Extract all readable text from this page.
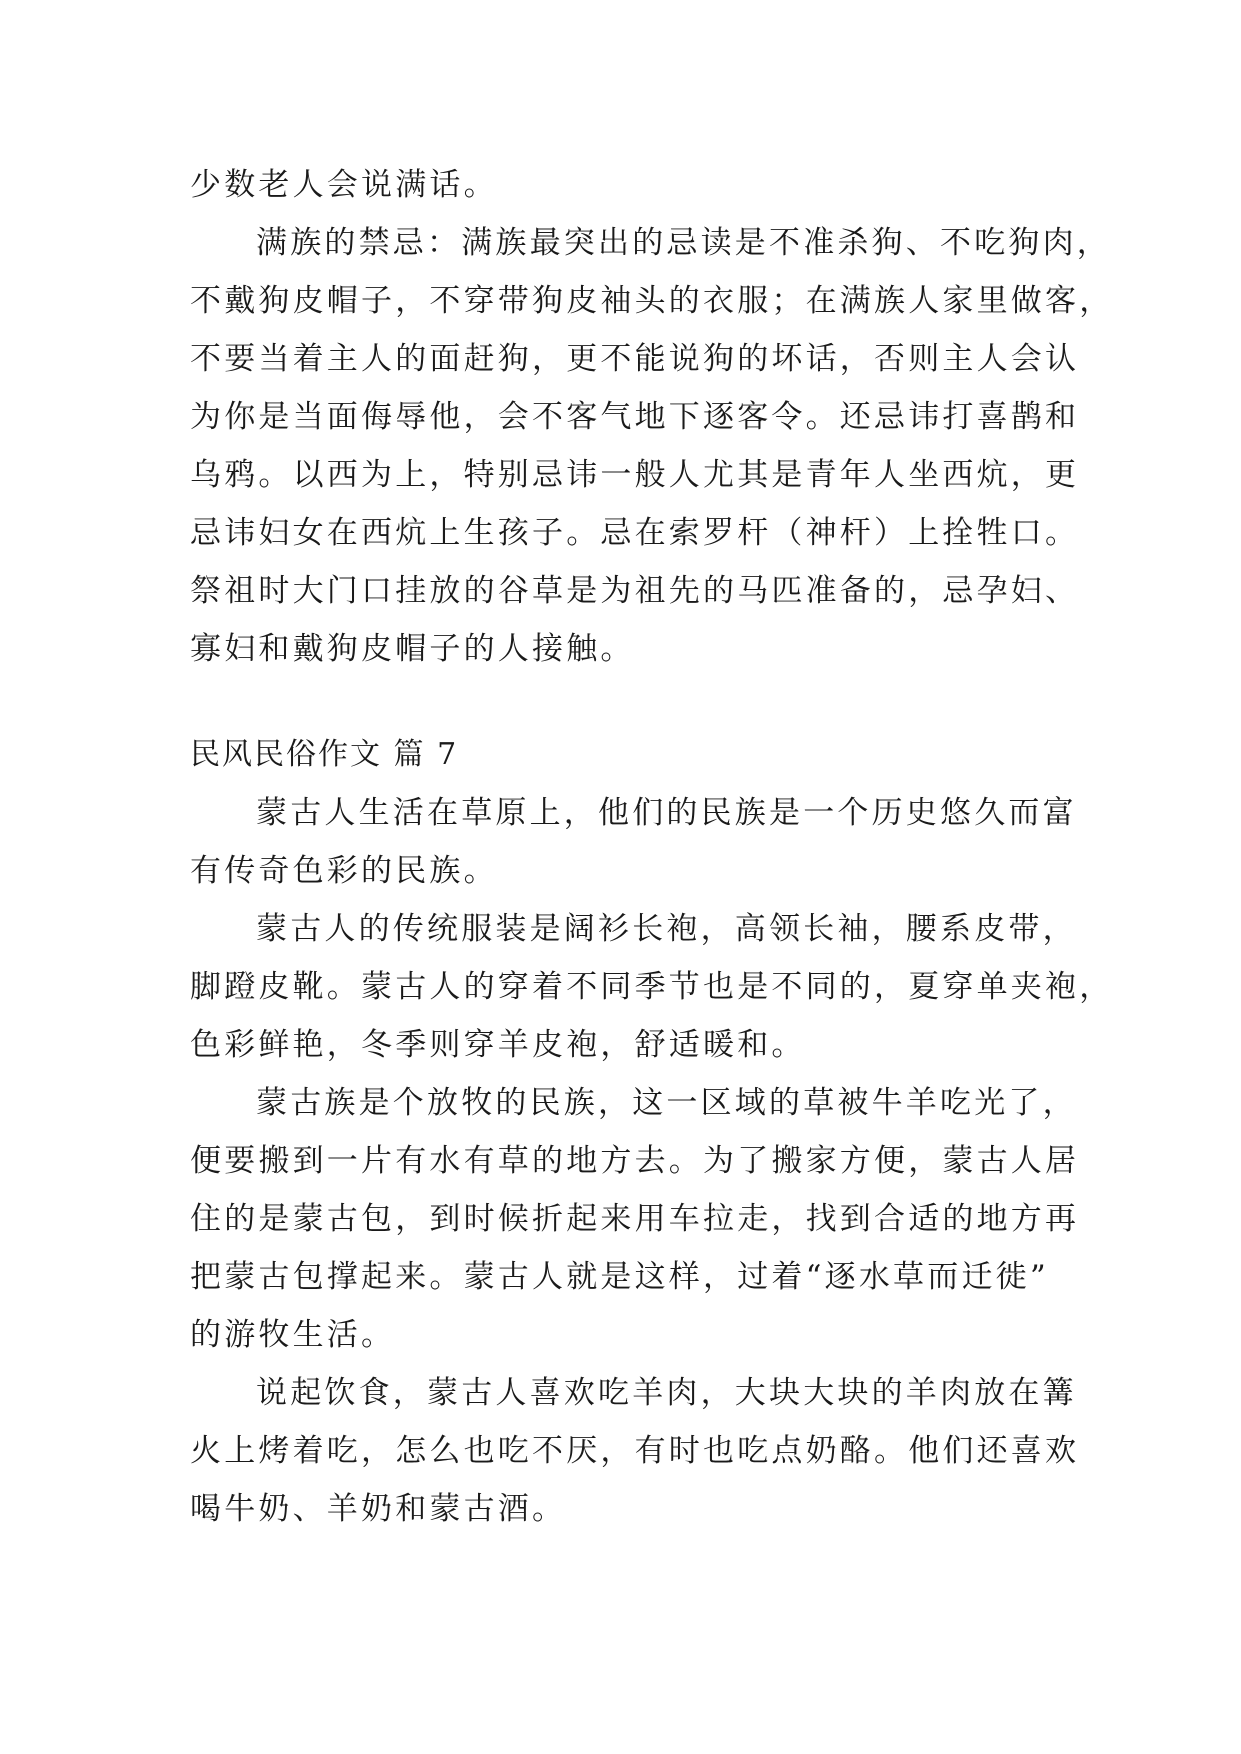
少数老人会说满话。
满族的禁忌：满族最突出的忌读是不准杀狗、不吃狗肉，
不戴狗皮帽子，不穿带狗皮袖头的衣服；在满族人家里做客，
不要当着主人的面赶狗，更不能说狗的坏话，否则主人会认
为你是当面侮辱他，会不客气地下逐客令。还忌讳打喜鹊和
乌鸦。以西为上，特别忌讳一般人尤其是青年人坐西炕，更
忌讳妇女在西炕上生孩子。忌在索罗杆（神杆）上拴牲口。
祭祖时大门口挂放的谷草是为祖先的马匹准备的，忌孕妇、
寡妇和戴狗皮帽子的人接触。
民风民俗作文 篇 7
蒙古人生活在草原上，他们的民族是一个历史悠久而富
有传奇色彩的民族。
蒙古人的传统服装是阔衫长袍，高领长袖，腰系皮带，
脚蹬皮靴。蒙古人的穿着不同季节也是不同的，夏穿单夹袍，
色彩鲜艳，冬季则穿羊皮袍，舒适暖和。
蒙古族是个放牧的民族，这一区域的草被牛羊吃光了，
便要搬到一片有水有草的地方去。为了搬家方便，蒙古人居
住的是蒙古包，到时候折起来用车拉走，找到合适的地方再
把蒙古包撑起来。蒙古人就是这样，过着“逐水草而迁徙”
的游牧生活。
说起饮食，蒙古人喜欢吃羊肉，大块大块的羊肉放在篝
火上烤着吃，怎么也吃不厌，有时也吃点奶酪。他们还喜欢
喝牛奶、羊奶和蒙古酒。
